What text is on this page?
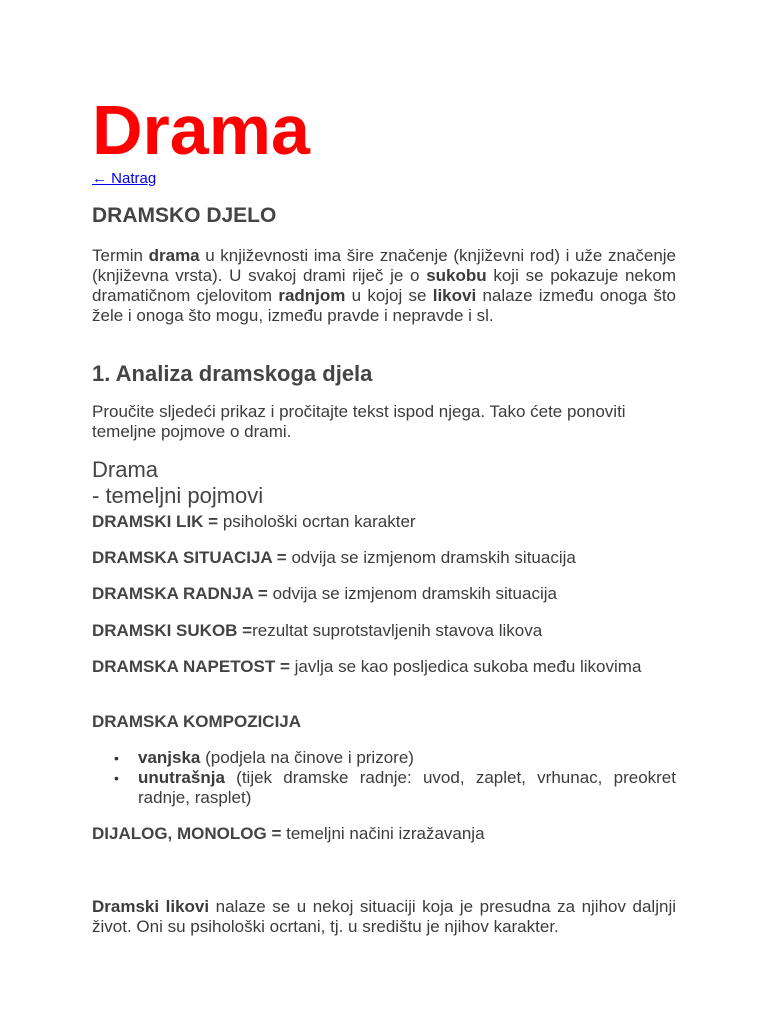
Drama
← Natrag
DRAMSKO DJELO

Termin drama u književnosti ima šire značenje (književni rod) i uže značenje (književna vrsta). U svakoj drami riječ je o sukobu koji se pokazuje nekom dramatičnom cjelovitom radnjom u kojoj se likovi nalaze između onoga što žele i onoga što mogu, između pravde i nepravde i sl.

1. Analiza dramskoga djela

Proučite sljedeći prikaz i pročitajte tekst ispod njega. Tako ćete ponoviti temeljne pojmove o drami.

Drama
- temeljni pojmovi
DRAMSKI LIK = psihološki ocrtan karakter
DRAMSKA SITUACIJA = odvija se izmjenom dramskih situacija
DRAMSKA RADNJA = odvija se izmjenom dramskih situacija
DRAMSKI SUKOB =rezultat suprotstavljenih stavova likova
DRAMSKA NAPETOST = javlja se kao posljedica sukoba među likovima
DRAMSKA KOMPOZICIJA
• vanjska (podjela na činove i prizore)
• unutrašnja (tijek dramske radnje: uvod, zaplet, vrhunac, preokret radnje, rasplet)
DIJALOG, MONOLOG = temeljni načini izražavanja

Dramski likovi nalaze se u nekoj situaciji koja je presudna za njihov daljnji život. Oni su psihološki ocrtani, tj. u središtu je njihov karakter.
